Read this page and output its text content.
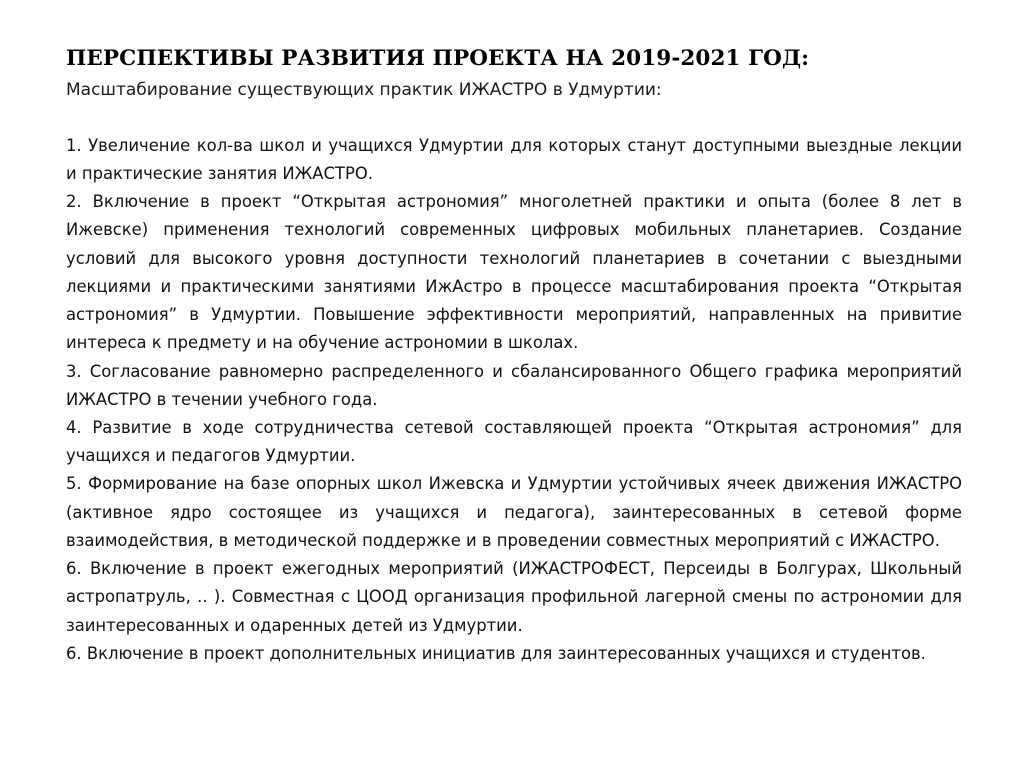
ПЕРСПЕКТИВЫ РАЗВИТИЯ ПРОЕКТА НА 2019-2021 ГОД:
Масштабирование существующих практик ИЖАСТРО в Удмуртии:

1. Увеличение кол-ва школ и учащихся Удмуртии для которых станут доступными выездные лекции и практические занятия ИЖАСТРО.

2. Включение в проект “Открытая астрономия” многолетней практики и опыта (более 8 лет в Ижевске) применения технологий современных цифровых мобильных планетариев. Создание условий для высокого уровня доступности технологий планетариев в сочетании с выездными лекциями и практическими занятиями ИжАстро в процессе масштабирования проекта “Открытая астрономия” в Удмуртии. Повышение эффективности мероприятий, направленных на привитие интереса к предмету и на обучение астрономии в школах.

3. Согласование равномерно распределенного и сбалансированного Общего графика мероприятий ИЖАСТРО в течении учебного года.

4. Развитие в ходе сотрудничества сетевой составляющей проекта “Открытая астрономия” для учащихся и педагогов Удмуртии.

5. Формирование на базе опорных школ Ижевска и Удмуртии устойчивых ячеек движения ИЖАСТРО (активное ядро состоящее из учащихся и педагога), заинтересованных в сетевой форме взаимодействия, в методической поддержке и в проведении совместных мероприятий с ИЖАСТРО.

6. Включение в проект ежегодных мероприятий (ИЖАСТРОФЕСТ, Персеиды в Болгурах, Школьный астропатруль, .. ). Совместная с ЦООД организация профильной лагерной смены по астрономии для заинтересованных и одаренных детей из Удмуртии.

6. Включение в проект дополнительных инициатив для заинтересованных учащихся и студентов.
